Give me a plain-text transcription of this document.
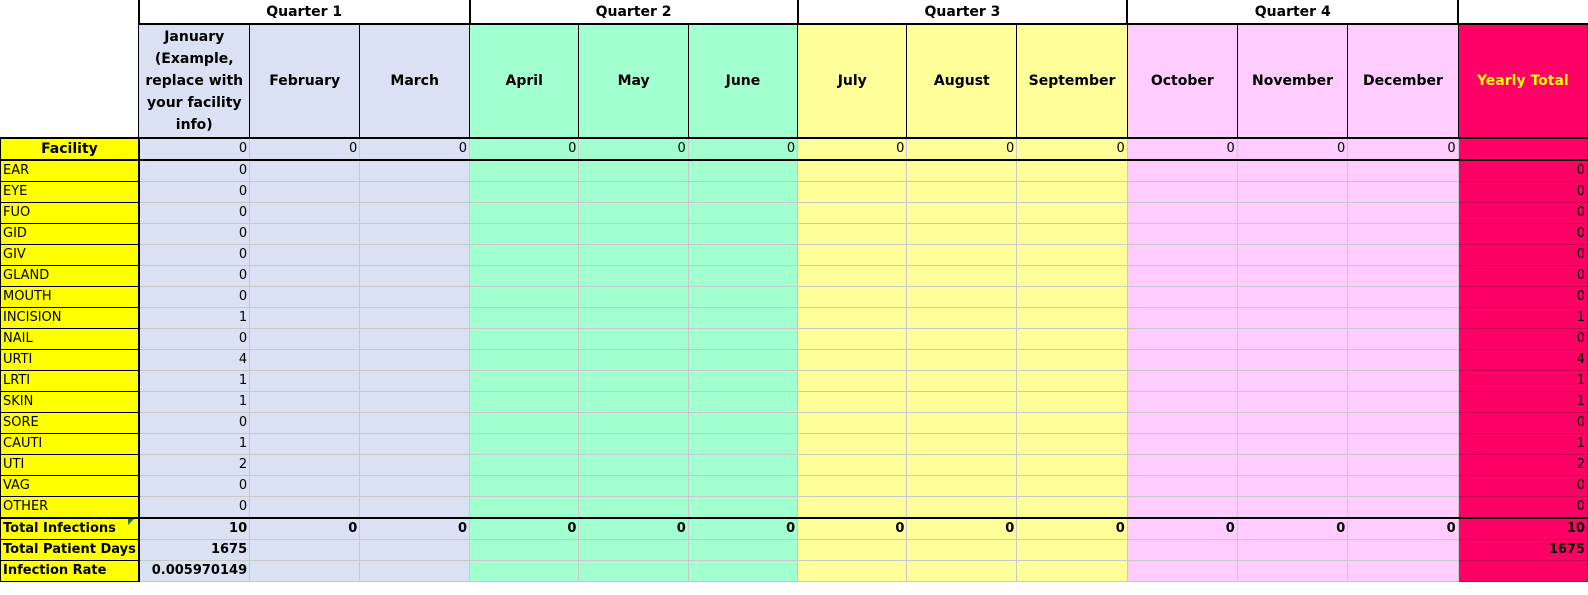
	Quarter 1			Quarter 2			Quarter 3			Quarter 4			
	January (Example, replace with your facility info)	February	March	April	May	June	July	August	September	October	November	December	Yearly Total
Facility	0	0	0	0	0	0	0	0	0	0	0	0	
EAR	0												0
EYE	0												0
FUO	0												0
GID	0												0
GIV	0												0
GLAND	0												0
MOUTH	0												0
INCISION	1												1
NAIL	0												0
URTI	4												4
LRTI	1												1
SKIN	1												1
SORE	0												0
CAUTI	1												1
UTI	2												2
VAG	0												0
OTHER	0												0
Total Infections	10	0	0	0	0	0	0	0	0	0	0	0	10
Total Patient Days	1675												1675
Infection Rate	0.005970149												
